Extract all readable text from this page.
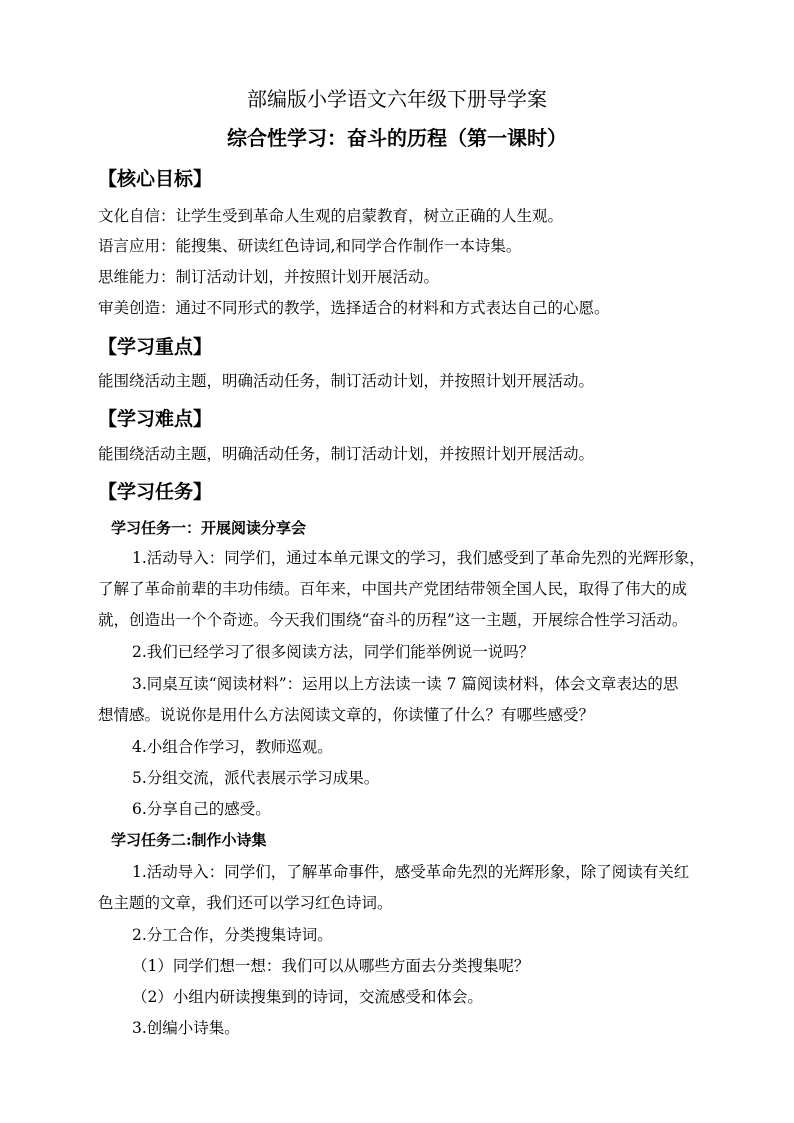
部编版小学语文六年级下册导学案
综合性学习：奋斗的历程（第一课时）
【核心目标】
文化自信：让学生受到革命人生观的启蒙教育，树立正确的人生观。
语言应用：能搜集、研读红色诗词,和同学合作制作一本诗集。
思维能力：制订活动计划，并按照计划开展活动。
审美创造：通过不同形式的教学，选择适合的材料和方式表达自己的心愿。
【学习重点】
能围绕活动主题，明确活动任务，制订活动计划，并按照计划开展活动。
【学习难点】
能围绕活动主题，明确活动任务，制订活动计划，并按照计划开展活动。
【学习任务】
学习任务一：开展阅读分享会
1.活动导入：同学们，通过本单元课文的学习，我们感受到了革命先烈的光辉形象，
了解了革命前辈的丰功伟绩。百年来，中国共产党团结带领全国人民，取得了伟大的成
就，创造出一个个奇迹。今天我们围绕“奋斗的历程”这一主题，开展综合性学习活动。
2.我们已经学习了很多阅读方法，同学们能举例说一说吗？
3.同桌互读“阅读材料”：运用以上方法读一读 7 篇阅读材料，体会文章表达的思
想情感。说说你是用什么方法阅读文章的，你读懂了什么？有哪些感受？
4.小组合作学习，教师巡观。
5.分组交流，派代表展示学习成果。
6.分享自己的感受。
学习任务二:制作小诗集
1.活动导入：同学们，了解革命事件，感受革命先烈的光辉形象，除了阅读有关红
色主题的文章，我们还可以学习红色诗词。
2.分工合作，分类搜集诗词。
（1）同学们想一想：我们可以从哪些方面去分类搜集呢？
（2）小组内研读搜集到的诗词，交流感受和体会。
3.创编小诗集。
